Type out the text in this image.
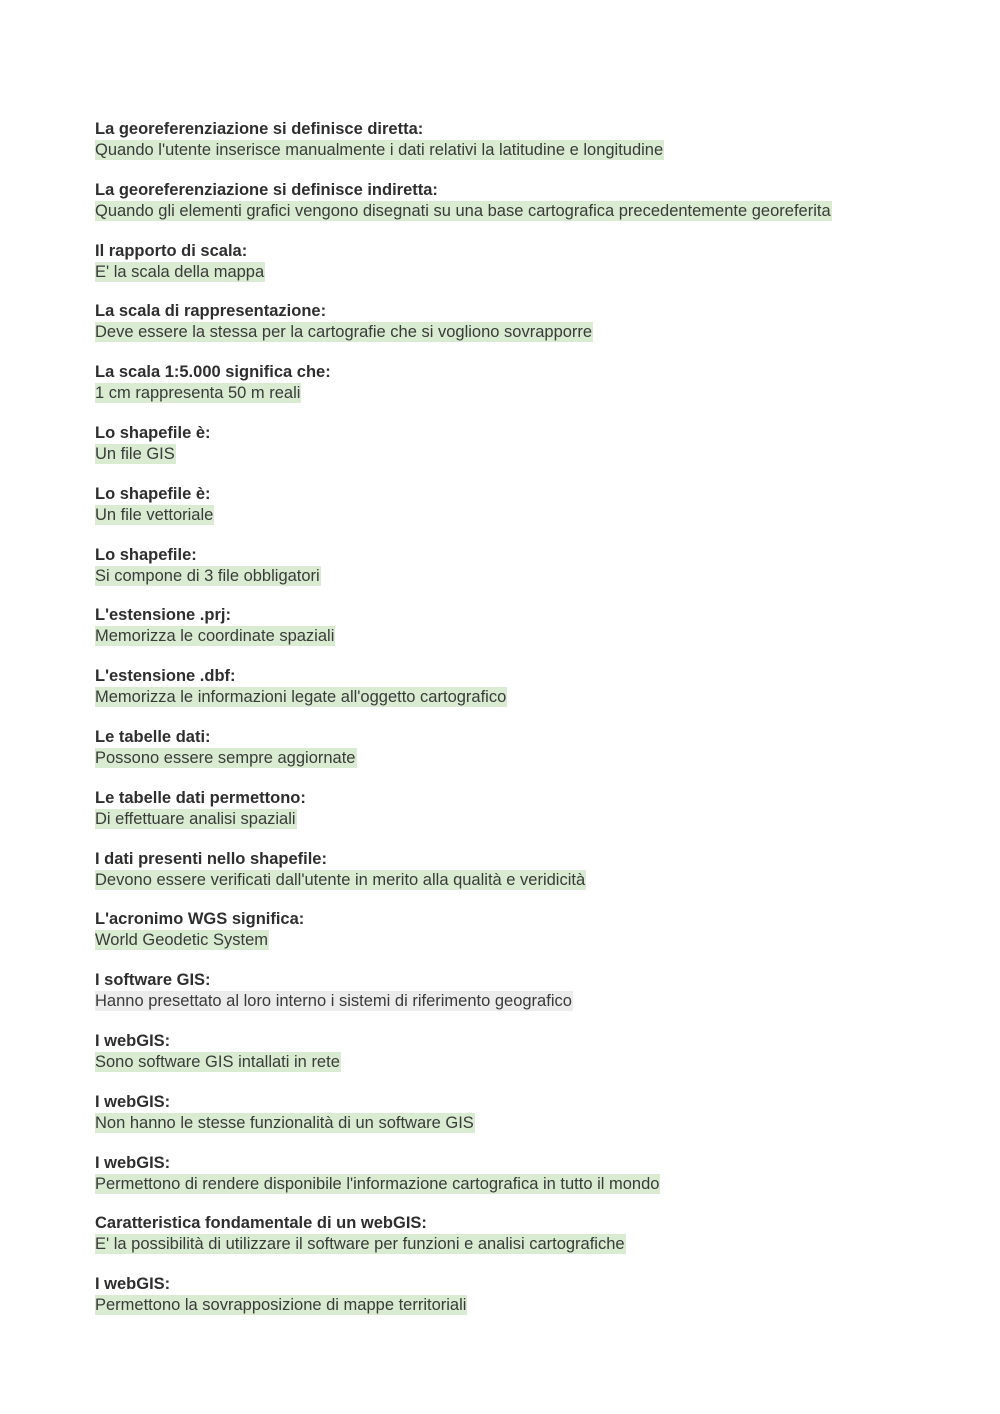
La georeferenziazione si definisce diretta:
Quando l'utente inserisce manualmente i dati relativi la latitudine e longitudine
La georeferenziazione si definisce indiretta:
Quando gli elementi grafici vengono disegnati su una base cartografica precedentemente georeferita
Il rapporto di scala:
E' la scala della mappa
La scala di rappresentazione:
Deve essere la stessa per la cartografie che si vogliono sovrapporre
La scala 1:5.000 significa che:
1 cm rappresenta 50 m reali
Lo shapefile è:
Un file GIS
Lo shapefile è:
Un file vettoriale
Lo shapefile:
Si compone di 3 file obbligatori
L'estensione .prj:
Memorizza le coordinate spaziali
L'estensione .dbf:
Memorizza le informazioni legate all'oggetto cartografico
Le tabelle dati:
Possono essere sempre aggiornate
Le tabelle dati permettono:
Di effettuare analisi spaziali
I dati presenti nello shapefile:
Devono essere verificati dall'utente in merito alla qualità e veridicità
L'acronimo WGS significa:
World Geodetic System
I software GIS:
Hanno presettato al loro interno i sistemi di riferimento geografico
I webGIS:
Sono software GIS intallati in rete
I webGIS:
Non hanno le stesse funzionalità di un software GIS
I webGIS:
Permettono di rendere disponibile l'informazione cartografica in tutto il mondo
Caratteristica fondamentale di un webGIS:
E' la possibilità di utilizzare il software per funzioni e analisi cartografiche
I webGIS:
Permettono la sovrapposizione di mappe territoriali
